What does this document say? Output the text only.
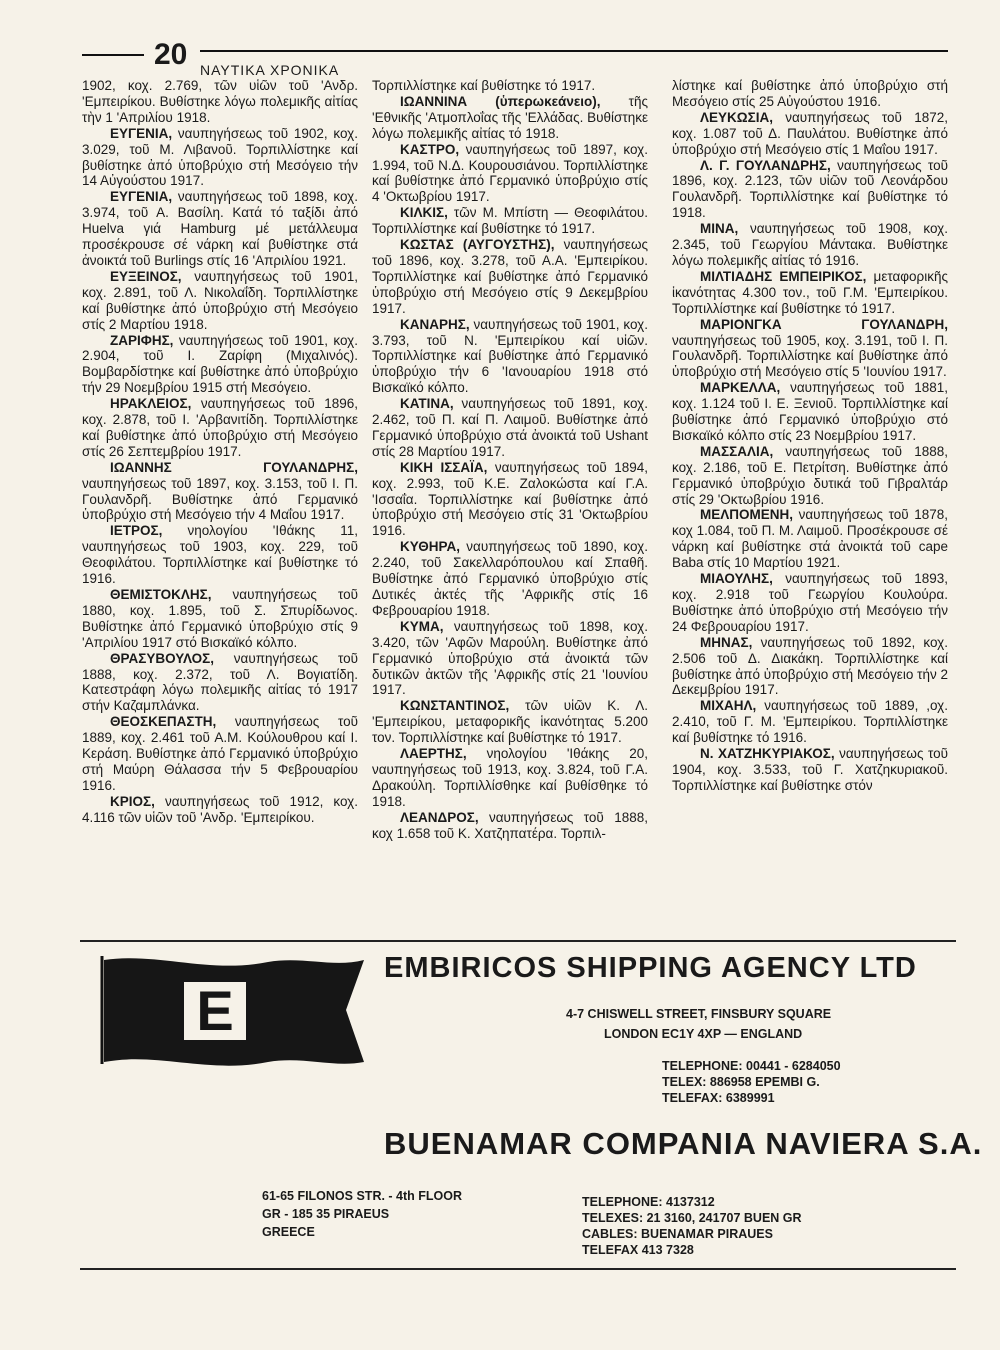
20 ΝΑΥΤΙΚΑ ΧΡΟΝΙΚΑ

1902, κοχ. 2.769, τῶν υἱῶν τοῦ 'Ανδρ. 'Εμπειρίκου. Βυθίστηκε λόγω πολεμικῆς αἰτίας τὴν 1 'Απριλίου 1918.

ΕΥΓΕΝΙΑ, ναυπηγήσεως τοῦ 1902, κοχ. 3.029, τοῦ Μ. Λιβανοῦ. Τορπιλλίστηκε καί βυθίστηκε ἀπό ὑποβρύχιο στή Μεσόγειο τήν 14 Αὐγούστου 1917.

ΕΥΓΕΝΙΑ, ναυπηγήσεως τοῦ 1898, κοχ. 3.974, τοῦ Α. Βασίλη. Κατά τό ταξίδι ἀπό Huelva γιά Hamburg μέ μετάλλευμα προσέκρουσε σέ νάρκη καί βυθίστηκε στά ἀνοικτά τοῦ Burlings στίς 16 'Απριλίου 1921.

ΕΥΞΕΙΝΟΣ, ναυπηγήσεως τοῦ 1901, κοχ. 2.891, τοῦ Λ. Νικολαΐδη. Τορπιλλίστηκε καί βυθίστηκε ἀπό ὑποβρύχιο στή Μεσόγειο στίς 2 Μαρτίου 1918.

ΖΑΡΙΦΗΣ, ναυπηγήσεως τοῦ 1901, κοχ. 2.904, τοῦ Ι. Ζαρίφη (Μιχαλινός). Βομβαρδίστηκε καί βυθίστηκε ἀπό ὑποβρύχιο τήν 29 Νοεμβρίου 1915 στή Μεσόγειο.

ΗΡΑΚΛΕΙΟΣ, ναυπηγήσεως τοῦ 1896, κοχ. 2.878, τοῦ Ι. 'Αρβανιτίδη. Τορπιλλίστηκε καί βυθίστηκε ἀπό ὑποβρύχιο στή Μεσόγειο στίς 26 Σεπτεμβρίου 1917.

ΙΩΑΝΝΗΣ ΓΟΥΛΑΝΔΡΗΣ, ναυπηγήσεως τοῦ 1897, κοχ. 3.153, τοῦ Ι. Π. Γουλανδρῆ. Βυθίστηκε ἀπό Γερμανικό ὑποβρύχιο στή Μεσόγειο τήν 4 Μαΐου 1917.

ΙΕΤΡΟΣ, νηολογίου 'Ιθάκης 11, ναυπηγήσεως τοῦ 1903, κοχ. 229, τοῦ Θεοφιλάτου. Τορπιλλίστηκε καί βυθίστηκε τό 1916.

ΘΕΜΙΣΤΟΚΛΗΣ, ναυπηγήσεως τοῦ 1880, κοχ. 1.895, τοῦ Σ. Σπυρίδωνος. Βυθίστηκε ἀπό Γερμανικό ὑποβρύχιο στίς 9 'Απριλίου 1917 στό Βισκαϊκό κόλπο.

ΘΡΑΣΥΒΟΥΛΟΣ, ναυπηγήσεως τοῦ 1888, κοχ. 2.372, τοῦ Λ. Βογιατίδη. Κατεστράφη λόγω πολεμικῆς αἰτίας τό 1917 στήν Καζαμπλάνκα.

ΘΕΟΣΚΕΠΑΣΤΗ, ναυπηγήσεως τοῦ 1889, κοχ. 2.461 τοῦ Α.Μ. Κούλουθρου καί Ι. Κεράση. Βυθίστηκε ἀπό Γερμανικό ὑποβρύχιο στή Μαύρη Θάλασσα τήν 5 Φεβρουαρίου 1916.

ΚΡΙΟΣ, ναυπηγήσεως τοῦ 1912, κοχ. 4.116 τῶν υἱῶν τοῦ 'Ανδρ. 'Εμπειρίκου.

Τορπιλλίστηκε καί βυθίστηκε τό 1917.

ΙΩΑΝΝΙΝΑ (ὑπερωκεάνειο), τῆς 'Εθνικῆς 'Ατμοπλοΐας τῆς 'Ελλάδας. Βυθίστηκε λόγω πολεμικῆς αἰτίας τό 1918.

ΚΑΣΤΡΟ, ναυπηγήσεως τοῦ 1897, κοχ. 1.994, τοῦ Ν.Δ. Κουρουσιάνου. Τορπιλλίστηκε καί βυθίστηκε ἀπό Γερμανικό ὑποβρύχιο στίς 4 'Οκτωβρίου 1917.

ΚΙΛΚΙΣ, τῶν Μ. Μπίστη — Θεοφιλάτου. Τορπιλλίστηκε καί βυθίστηκε τό 1917.

ΚΩΣΤΑΣ (ΑΥΓΟΥΣΤΗΣ), ναυπηγήσεως τοῦ 1896, κοχ. 3.278, τοῦ Α.Α. 'Εμπειρίκου. Τορπιλλίστηκε καί βυθίστηκε ἀπό Γερμανικό ὑποβρύχιο στή Μεσόγειο στίς 9 Δεκεμβρίου 1917.

ΚΑΝΑΡΗΣ, ναυπηγήσεως τοῦ 1901, κοχ. 3.793, τοῦ Ν. 'Εμπειρίκου καί υἱῶν. Τορπιλλίστηκε καί βυθίστηκε ἀπό Γερμανικό ὑποβρύχιο τήν 6 'Ιανουαρίου 1918 στό Βισκαϊκό κόλπο.

ΚΑΤΙΝΑ, ναυπηγήσεως τοῦ 1891, κοχ. 2.462, τοῦ Π. καί Π. Λαιμοῦ. Βυθίστηκε ἀπό Γερμανικό ὑποβρύχιο στά ἀνοικτά τοῦ Ushant στίς 28 Μαρτίου 1917.

ΚΙΚΗ ΙΣΣΑΪΑ, ναυπηγήσεως τοῦ 1894, κοχ. 2.993, τοῦ Κ.Ε. Ζαλοκώστα καί Γ.Α. 'Ισσαΐα. Τορπιλλίστηκε καί βυθίστηκε ἀπό ὑποβρύχιο στή Μεσόγειο στίς 31 'Οκτωβρίου 1916.

ΚΥΘΗΡΑ, ναυπηγήσεως τοῦ 1890, κοχ. 2.240, τοῦ Σακελλαρόπουλου καί Σπαθῆ. Βυθίστηκε ἀπό Γερμανικό ὑποβρύχιο στίς Δυτικές ἀκτές τῆς 'Αφρικῆς στίς 16 Φεβρουαρίου 1918.

ΚΥΜΑ, ναυπηγήσεως τοῦ 1898, κοχ. 3.420, τῶν 'Αφῶν Μαρούλη. Βυθίστηκε ἀπό Γερμανικό ὑποβρύχιο στά ἀνοικτά τῶν δυτικῶν ἀκτῶν τῆς 'Αφρικῆς στίς 21 'Ιουνίου 1917.

ΚΩΝΣΤΑΝΤΙΝΟΣ, τῶν υἱῶν Κ. Λ. 'Εμπειρίκου, μεταφορικῆς ἱκανότητας 5.200 τον. Τορπιλλίστηκε καί βυθίστηκε τό 1917.

ΛΑΕΡΤΗΣ, νηολογίου 'Ιθάκης 20, ναυπηγήσεως τοῦ 1913, κοχ. 3.824, τοῦ Γ.Α. Δρακούλη. Τορπιλλίσθηκε καί βυθίσθηκε τό 1918.

ΛΕΑΝΔΡΟΣ, ναυπηγήσεως τοῦ 1888, κοχ 1.658 τοῦ Κ. Χατζηπατέρα. Τορπιλ-

λίστηκε καί βυθίστηκε ἀπό ὑποβρύχιο στή Μεσόγειο στίς 25 Αὐγούστου 1916.

ΛΕΥΚΩΣΙΑ, ναυπηγήσεως τοῦ 1872, κοχ. 1.087 τοῦ Δ. Παυλάτου. Βυθίστηκε ἀπό ὑποβρύχιο στή Μεσόγειο στίς 1 Μαΐου 1917.

Λ. Γ. ΓΟΥΛΑΝΔΡΗΣ, ναυπηγήσεως τοῦ 1896, κοχ. 2.123, τῶν υἱῶν τοῦ Λεονάρδου Γουλανδρῆ. Τορπιλλίστηκε καί βυθίστηκε τό 1918.

ΜΙΝΑ, ναυπηγήσεως τοῦ 1908, κοχ. 2.345, τοῦ Γεωργίου Μάντακα. Βυθίστηκε λόγω πολεμικῆς αἰτίας τό 1916.

ΜΙΛΤΙΑΔΗΣ ΕΜΠΕΙΡΙΚΟΣ, μεταφορικῆς ἱκανότητας 4.300 τον., τοῦ Γ.Μ. 'Εμπειρίκου. Τορπιλλίστηκε καί βυθίστηκε τό 1917.

ΜΑΡΙΟΝΓΚΑ ΓΟΥΛΑΝΔΡΗ, ναυπηγήσεως τοῦ 1905, κοχ. 3.191, τοῦ Ι. Π. Γουλανδρῆ. Τορπιλλίστηκε καί βυθίστηκε ἀπό ὑποβρύχιο στή Μεσόγειο στίς 5 'Ιουνίου 1917.

ΜΑΡΚΕΛΛΑ, ναυπηγήσεως τοῦ 1881, κοχ. 1.124 τοῦ Ι. Ε. Ξενιοῦ. Τορπιλλίστηκε καί βυθίστηκε ἀπό Γερμανικό ὑποβρύχιο στό Βισκαϊκό κόλπο στίς 23 Νοεμβρίου 1917.

ΜΑΣΣΑΛΙΑ, ναυπηγήσεως τοῦ 1888, κοχ. 2.186, τοῦ Ε. Πετρίτση. Βυθίστηκε ἀπό Γερμανικό ὑποβρύχιο δυτικά τοῦ Γιβραλτάρ στίς 29 'Οκτωβρίου 1916.

ΜΕΛΠΟΜΕΝΗ, ναυπηγήσεως τοῦ 1878, κοχ 1.084, τοῦ Π. Μ. Λαιμοῦ. Προσέκρουσε σέ νάρκη καί βυθίστηκε στά ἀνοικτά τοῦ cape Baba στίς 10 Μαρτίου 1921.

ΜΙΑΟΥΛΗΣ, ναυπηγήσεως τοῦ 1893, κοχ. 2.918 τοῦ Γεωργίου Κουλούρα. Βυθίστηκε ἀπό ὑποβρύχιο στή Μεσόγειο τήν 24 Φεβρουαρίου 1917.

ΜΗΝΑΣ, ναυπηγήσεως τοῦ 1892, κοχ. 2.506 τοῦ Δ. Διακάκη. Τορπιλλίστηκε καί βυθίστηκε ἀπό ὑποβρύχιο στή Μεσόγειο τήν 2 Δεκεμβρίου 1917.

ΜΙΧΑΗΛ, ναυπηγήσεως τοῦ 1889, ,οχ. 2.410, τοῦ Γ. Μ. 'Εμπειρίκου. Τορπιλλίστηκε καί βυθίστηκε τό 1916.

Ν. ΧΑΤΖΗΚΥΡΙΑΚΟΣ, ναυπηγήσεως τοῦ 1904, κοχ. 3.533, τοῦ Γ. Χατζηκυριακοῦ. Τορπιλλίστηκε καί βυθίστηκε στόν

E
EMBIRICOS SHIPPING AGENCY LTD
4-7 CHISWELL STREET, FINSBURY SQUARE
LONDON EC1Y 4XP — ENGLAND
TELEPHONE: 00441 - 6284050
TELEX: 886958 EPEMBI G.
TELEFAX: 6389991
BUENAMAR COMPANIA NAVIERA S.A.
61-65 FILONOS STR. - 4th FLOOR
GR - 185 35 PIRAEUS
GREECE
TELEPHONE: 4137312
TELEXES: 21 3160, 241707 BUEN GR
CABLES: BUENAMAR PIRAUES
TELEFAX 413 7328
